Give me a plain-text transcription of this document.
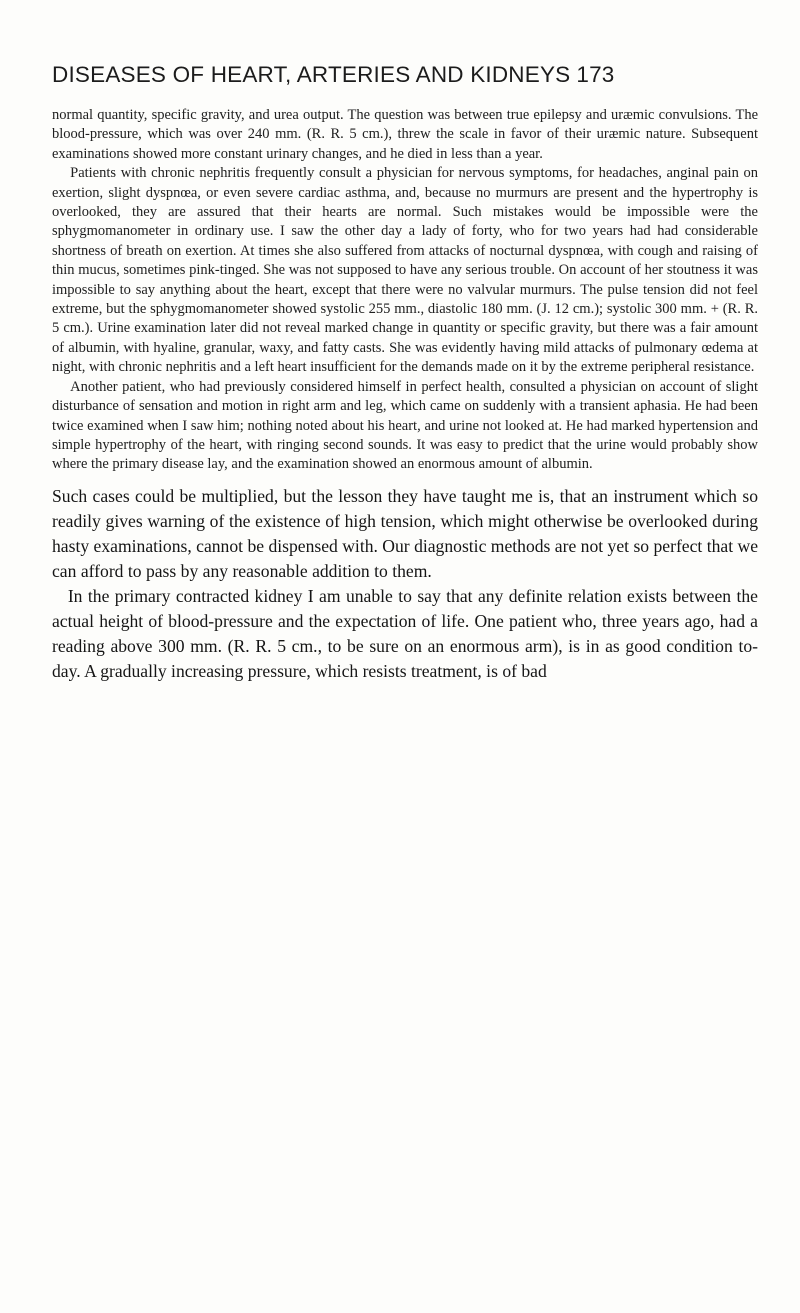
DISEASES OF HEART, ARTERIES AND KIDNEYS 173

normal quantity, specific gravity, and urea output. The question was between true epilepsy and uræmic convulsions. The blood-pressure, which was over 240 mm. (R. R. 5 cm.), threw the scale in favor of their uræmic nature. Subsequent examinations showed more constant urinary changes, and he died in less than a year.

Patients with chronic nephritis frequently consult a physician for nervous symptoms, for headaches, anginal pain on exertion, slight dyspnœa, or even severe cardiac asthma, and, because no murmurs are present and the hypertrophy is overlooked, they are assured that their hearts are normal. Such mistakes would be impossible were the sphygmomanometer in ordinary use. I saw the other day a lady of forty, who for two years had had considerable shortness of breath on exertion. At times she also suffered from attacks of nocturnal dyspnœa, with cough and raising of thin mucus, sometimes pink-tinged. She was not supposed to have any serious trouble. On account of her stoutness it was impossible to say anything about the heart, except that there were no valvular murmurs. The pulse tension did not feel extreme, but the sphygmomanometer showed systolic 255 mm., diastolic 180 mm. (J. 12 cm.); systolic 300 mm. + (R. R. 5 cm.). Urine examination later did not reveal marked change in quantity or specific gravity, but there was a fair amount of albumin, with hyaline, granular, waxy, and fatty casts. She was evidently having mild attacks of pulmonary œdema at night, with chronic nephritis and a left heart insufficient for the demands made on it by the extreme peripheral resistance.

Another patient, who had previously considered himself in perfect health, consulted a physician on account of slight disturbance of sensation and motion in right arm and leg, which came on suddenly with a transient aphasia. He had been twice examined when I saw him; nothing noted about his heart, and urine not looked at. He had marked hypertension and simple hypertrophy of the heart, with ringing second sounds. It was easy to predict that the urine would probably show where the primary disease lay, and the examination showed an enormous amount of albumin.

Such cases could be multiplied, but the lesson they have taught me is, that an instrument which so readily gives warning of the existence of high tension, which might otherwise be overlooked during hasty examinations, cannot be dispensed with. Our diagnostic methods are not yet so perfect that we can afford to pass by any reasonable addition to them.

In the primary contracted kidney I am unable to say that any definite relation exists between the actual height of blood-pressure and the expectation of life. One patient who, three years ago, had a reading above 300 mm. (R. R. 5 cm., to be sure on an enormous arm), is in as good condition to-day. A gradually increasing pressure, which resists treatment, is of bad
